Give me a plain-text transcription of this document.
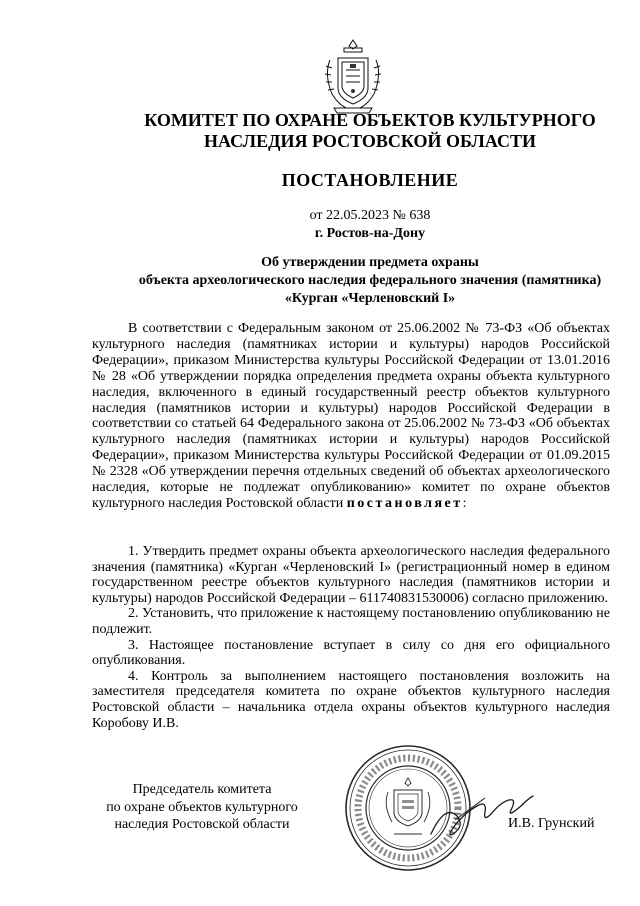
КОМИТЕТ ПО ОХРАНЕ ОБЪЕКТОВ КУЛЬТУРНОГО
НАСЛЕДИЯ РОСТОВСКОЙ ОБЛАСТИ
ПОСТАНОВЛЕНИЕ
от 22.05.2023 № 638
г. Ростов-на-Дону
Об утверждении предмета охраны
объекта археологического наследия федерального значения (памятника)
«Курган «Черленовский I»

В соответствии с Федеральным законом от 25.06.2002 № 73-ФЗ «Об объектах культурного наследия (памятниках истории и культуры) народов Российской Федерации», приказом Министерства культуры Российской Федерации от 13.01.2016 № 28 «Об утверждении порядка определения предмета охраны объекта культурного наследия, включенного в единый государственный реестр объектов культурного наследия (памятников истории и культуры) народов Российской Федерации в соответствии со статьей 64 Федерального закона от 25.06.2002 № 73-ФЗ «Об объектах культурного наследия (памятниках истории и культуры) народов Российской Федерации», приказом Министерства культуры Российской Федерации от 01.09.2015 № 2328 «Об утверждении перечня отдельных сведений об объектах археологического наследия, которые не подлежат опубликованию» комитет по охране объектов культурного наследия Ростовской области постановляет:

1. Утвердить предмет охраны объекта археологического наследия федерального значения (памятника) «Курган «Черленовский I» (регистрационный номер в едином государственном реестре объектов культурного наследия (памятников истории и культуры) народов Российской Федерации – 611740831530006) согласно приложению.

2. Установить, что приложение к настоящему постановлению опубликованию не подлежит.

3. Настоящее постановление вступает в силу со дня его официального опубликования.

4. Контроль за выполнением настоящего постановления возложить на заместителя председателя комитета по охране объектов культурного наследия Ростовской области – начальника отдела охраны объектов культурного наследия Коробову И.В.

Председатель комитета
по охране объектов культурного
наследия Ростовской области	И.В. Грунский
